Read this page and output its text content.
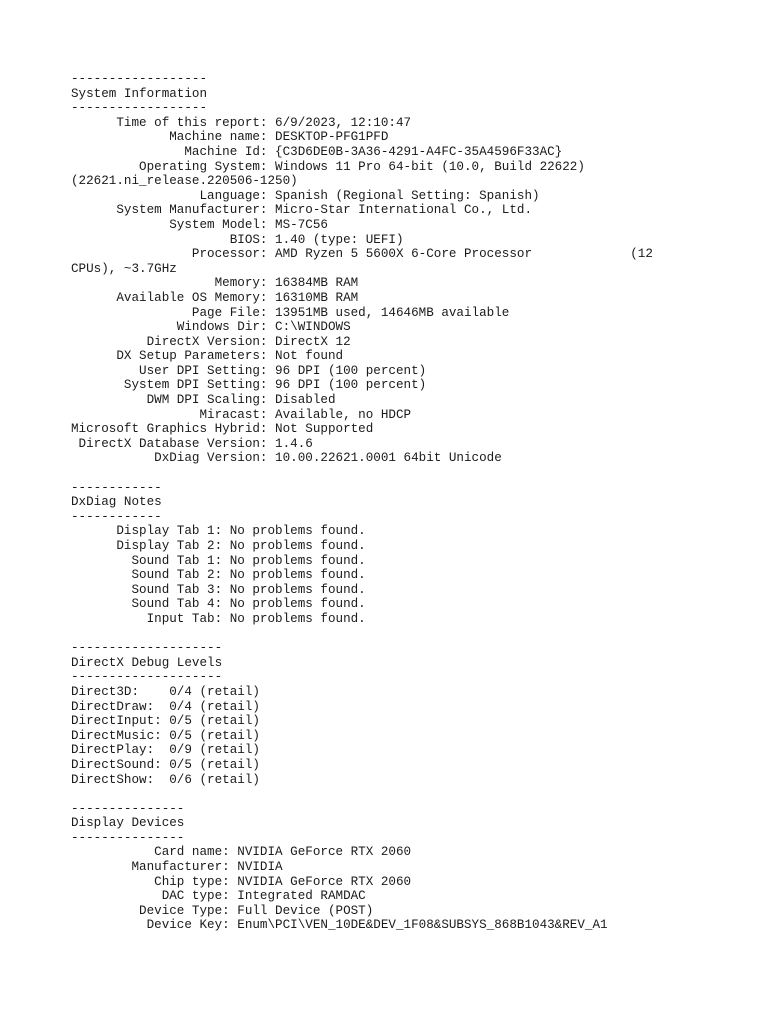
------------------
System Information
------------------
Time of this report: 6/9/2023, 12:10:47
Machine name: DESKTOP-PFG1PFD
Machine Id: {C3D6DE0B-3A36-4291-A4FC-35A4596F33AC}
Operating System: Windows 11 Pro 64-bit (10.0, Build 22622)
(22621.ni_release.220506-1250)
Language: Spanish (Regional Setting: Spanish)
System Manufacturer: Micro-Star International Co., Ltd.
System Model: MS-7C56
BIOS: 1.40 (type: UEFI)
Processor: AMD Ryzen 5 5600X 6-Core Processor             (12
CPUs), ~3.7GHz
Memory: 16384MB RAM
Available OS Memory: 16310MB RAM
Page File: 13951MB used, 14646MB available
Windows Dir: C:\WINDOWS
DirectX Version: DirectX 12
DX Setup Parameters: Not found
User DPI Setting: 96 DPI (100 percent)
System DPI Setting: 96 DPI (100 percent)
DWM DPI Scaling: Disabled
Miracast: Available, no HDCP
Microsoft Graphics Hybrid: Not Supported
DirectX Database Version: 1.4.6
DxDiag Version: 10.00.22621.0001 64bit Unicode

------------
DxDiag Notes
------------
Display Tab 1: No problems found.
Display Tab 2: No problems found.
Sound Tab 1: No problems found.
Sound Tab 2: No problems found.
Sound Tab 3: No problems found.
Sound Tab 4: No problems found.
Input Tab: No problems found.

--------------------
DirectX Debug Levels
--------------------
Direct3D:    0/4 (retail)
DirectDraw:  0/4 (retail)
DirectInput: 0/5 (retail)
DirectMusic: 0/5 (retail)
DirectPlay:  0/9 (retail)
DirectSound: 0/5 (retail)
DirectShow:  0/6 (retail)

---------------
Display Devices
---------------
Card name: NVIDIA GeForce RTX 2060
Manufacturer: NVIDIA
Chip type: NVIDIA GeForce RTX 2060
DAC type: Integrated RAMDAC
Device Type: Full Device (POST)
Device Key: Enum\PCI\VEN_10DE&DEV_1F08&SUBSYS_868B1043&REV_A1
